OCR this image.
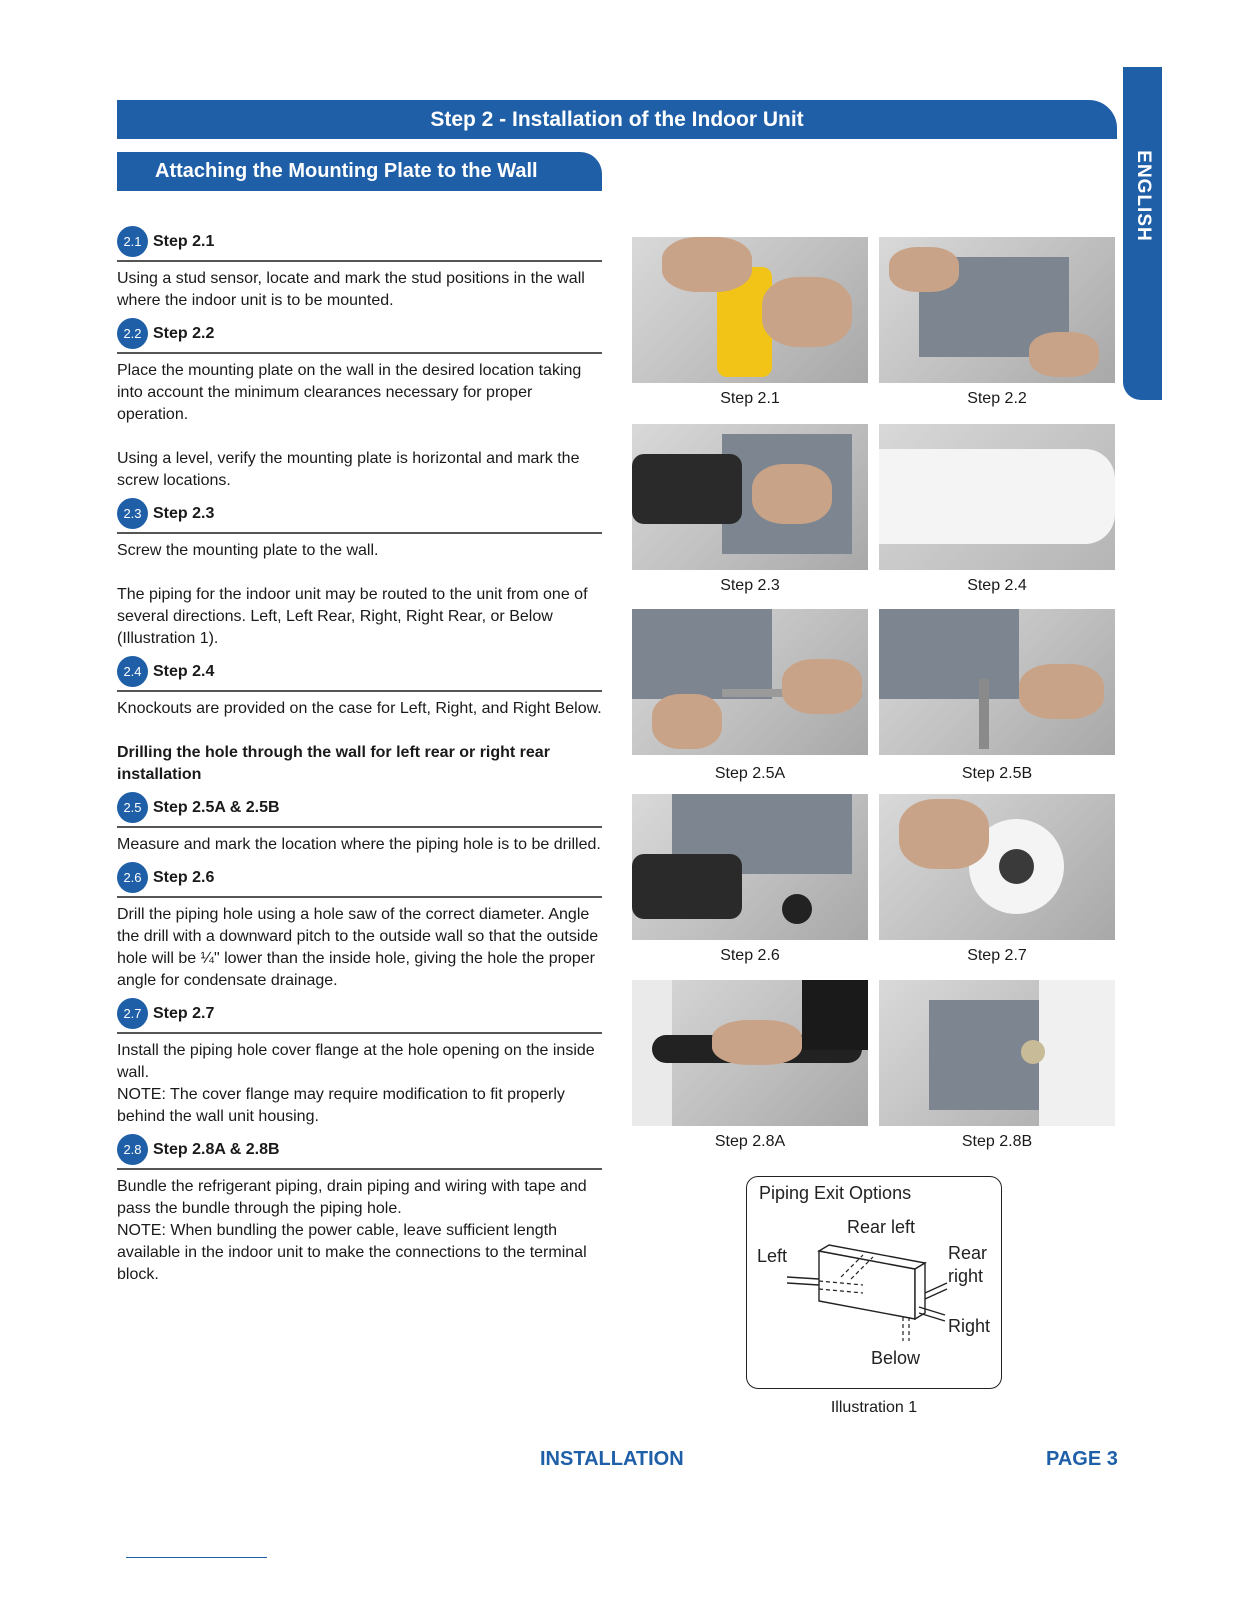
Step 2 - Installation of the Indoor Unit
Attaching the Mounting Plate to the Wall	ENGLISH
2.1 Step 2.1

Using a stud sensor, locate and mark the stud positions in the wall where the indoor unit is to be mounted.

2.2 Step 2.2

Place the mounting plate on the wall in the desired location taking into account the minimum clearances necessary for proper operation.

Using a level, verify the mounting plate is horizontal and mark the screw locations.

2.3 Step 2.3

Screw the mounting plate to the wall.

The piping for the indoor unit may be routed to the unit from one of several directions. Left, Left Rear, Right, Right Rear, or Below (Illustration 1).

2.4 Step 2.4

Knockouts are provided on the case for Left, Right, and Right Below.

Drilling the hole through the wall for left rear or right rear installation

2.5 Step 2.5A & 2.5B

Measure and mark the location where the piping hole is to be drilled.

2.6 Step 2.6

Drill the piping hole using a hole saw of the correct diameter. Angle the drill with a downward pitch to the outside wall so that the outside hole will be ¼" lower than the inside hole, giving the hole the proper angle for condensate drainage.

2.7 Step 2.7

Install the piping hole cover flange at the hole opening on the inside wall.

NOTE: The cover flange may require modification to fit properly behind the wall unit housing.

2.8 Step 2.8A & 2.8B

Bundle the refrigerant piping, drain piping and wiring with tape and pass the bundle through the piping hole.

NOTE: When bundling the power cable, leave sufficient length available in the indoor unit to make the connections to the terminal block.

Step 2.1	Step 2.2
Step 2.3	Step 2.4
Step 2.5A	Step 2.5B
Step 2.6	Step 2.7
Step 2.8A	Step 2.8B
Piping Exit Options
Rear left
Left	Rear
right
Right
Below
Illustration 1
INSTALLATION	PAGE 3
